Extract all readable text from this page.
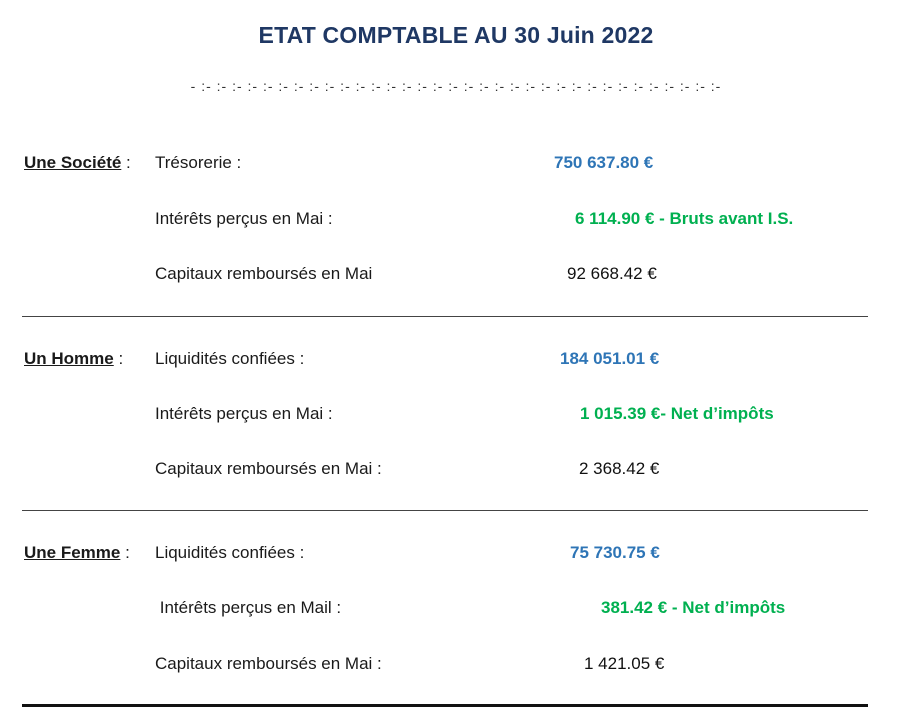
ETAT COMPTABLE AU 30 Juin 2022
- :- :- :- :- :- :- :- :- :- :- :- :- :- :- :- :- :- :- :- :- :- :- :- :- :- :- :- :- :- :- :- :- :- :-
Une Société : Trésorerie :	750 637.80 €
Intérêts perçus en Mai :	6 114.90 € - Bruts avant I.S.
Capitaux remboursés en Mai	92 668.42 €
Un Homme : Liquidités confiées :	184 051.01 €
Intérêts perçus en Mai :	1 015.39 €- Net d’impôts
Capitaux remboursés en Mai :	2 368.42 €
Une Femme : Liquidités confiées :	75 730.75 €
Intérêts perçus en Mail :	381.42 € - Net d’impôts
Capitaux remboursés en Mai :	1 421.05 €
